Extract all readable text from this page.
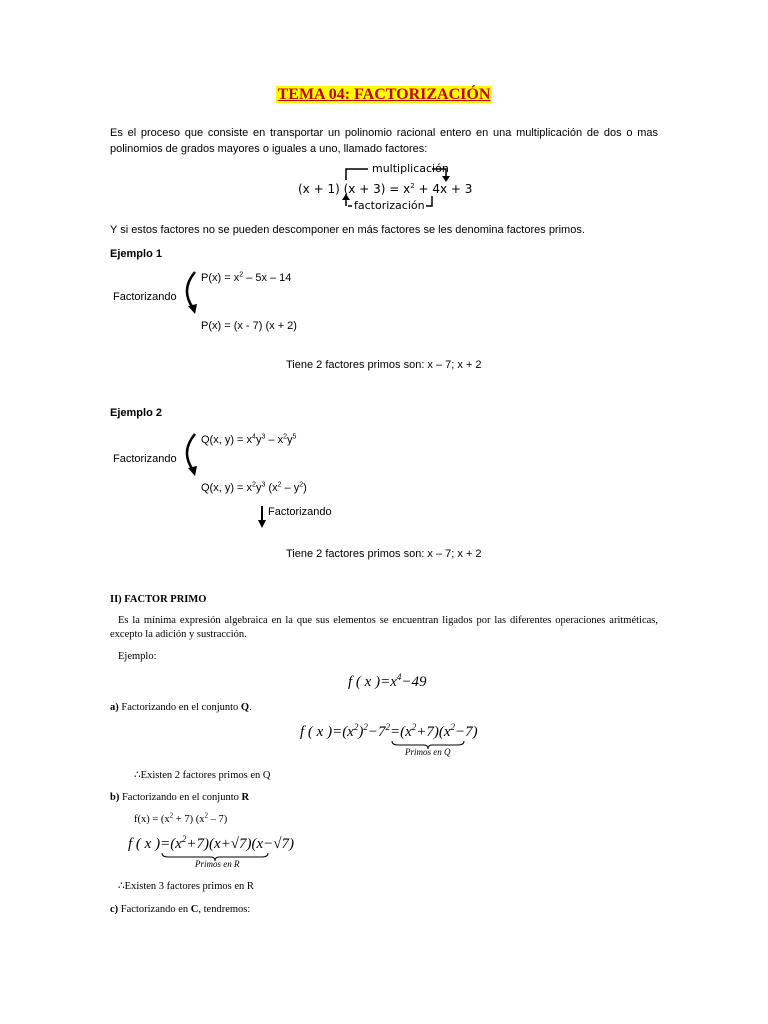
TEMA 04: FACTORIZACIÓN
Es el proceso que consiste en transportar un polinomio racional entero en una multiplicación de dos o mas polinomios de grados mayores o iguales a uno, llamado factores:
multiplicación
(x + 1) $(x + 3) = x^2 + 4x + 3$
factorización
Y si estos factores no se pueden descomponer en más factores se les denomina factores primos.
Ejemplo 1
$P(x) = x^2 - 5x - 14$
Factorizando
P(x) = (x - 7) (x + 2)
Tiene 2 factores primos son: x – 7; x + 2
Ejemplo 2
Q(x, $y) = x^4y^3 - x^2y^5$
Factorizando
Q(x, $y) = x^2y^3$ $(x^2 - y^2)$
Factorizando
Tiene 2 factores primos son: x – 7; x + 2
II) FACTOR PRIMO
Es la mínima expresión algebraica en la que sus elementos se encuentran ligados por las diferentes operaciones aritméticas, excepto la adición y sustracción.
Ejemplo:
f ( x )$=x^4-49$
a) Factorizando en el conjunto Q.
f ( x )$=(x^2)^2-7^2=(x^2+7)(x^2-7)$
Primos en Q
∴Existen 2 factores primos en Q
b) Factorizando en el conjunto R
$f(x) = (x^2 + 7)$ $(x^2 - 7)$
f ( x )$=(x^2+7)(x+√7)(x-√7)$
Primos en R
∴Existen 3 factores primos en R
c) Factorizando en C, tendremos:
